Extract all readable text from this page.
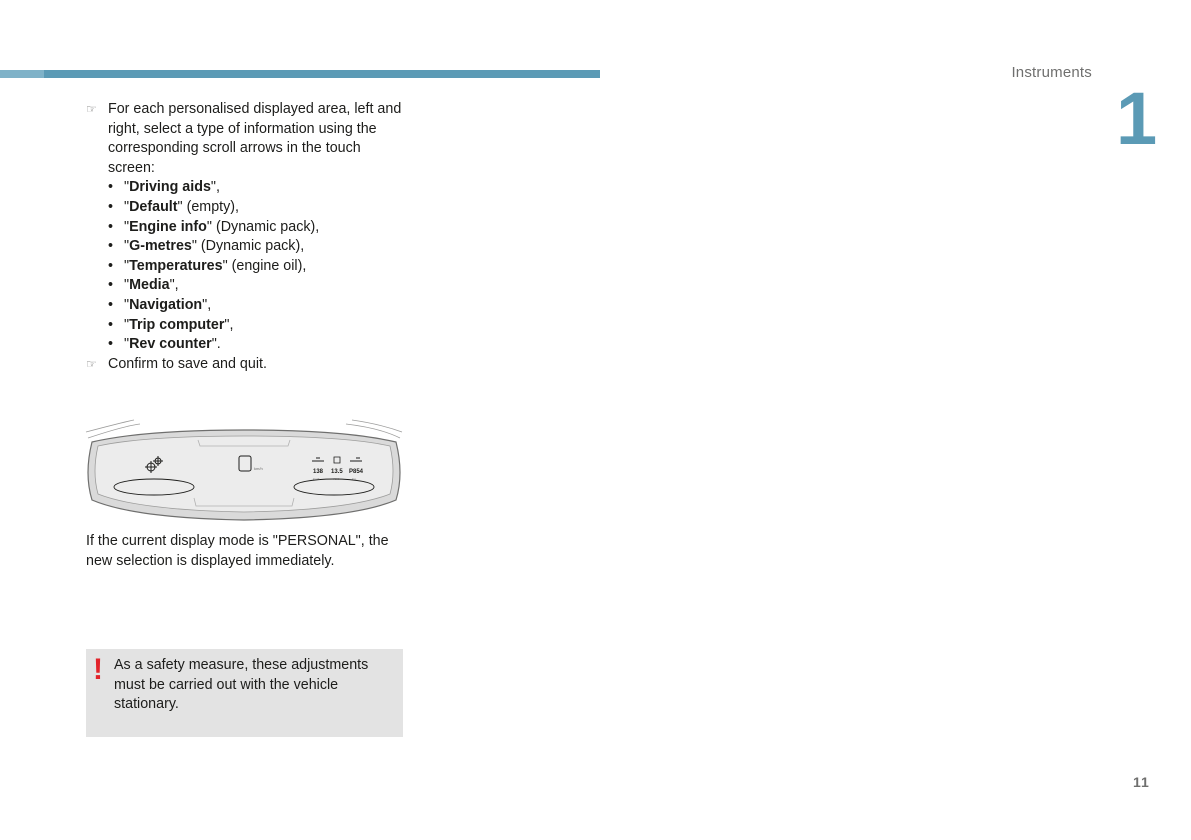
Instruments
1
☞ For each personalised displayed area, left and right, select a type of information using the corresponding scroll arrows in the touch screen:
• "Driving aids",
• "Default" (empty),
• "Engine info" (Dynamic pack),
• "G-metres" (Dynamic pack),
• "Temperatures" (engine oil),
• "Media",
• "Navigation",
• "Trip computer",
• "Rev counter".
☞ Confirm to save and quit.
km/h
138 13.5 P854
km/h	l/100	km
If the current display mode is "PERSONAL", the new selection is displayed immediately.
! As a safety measure, these adjustments must be carried out with the vehicle stationary.
11
